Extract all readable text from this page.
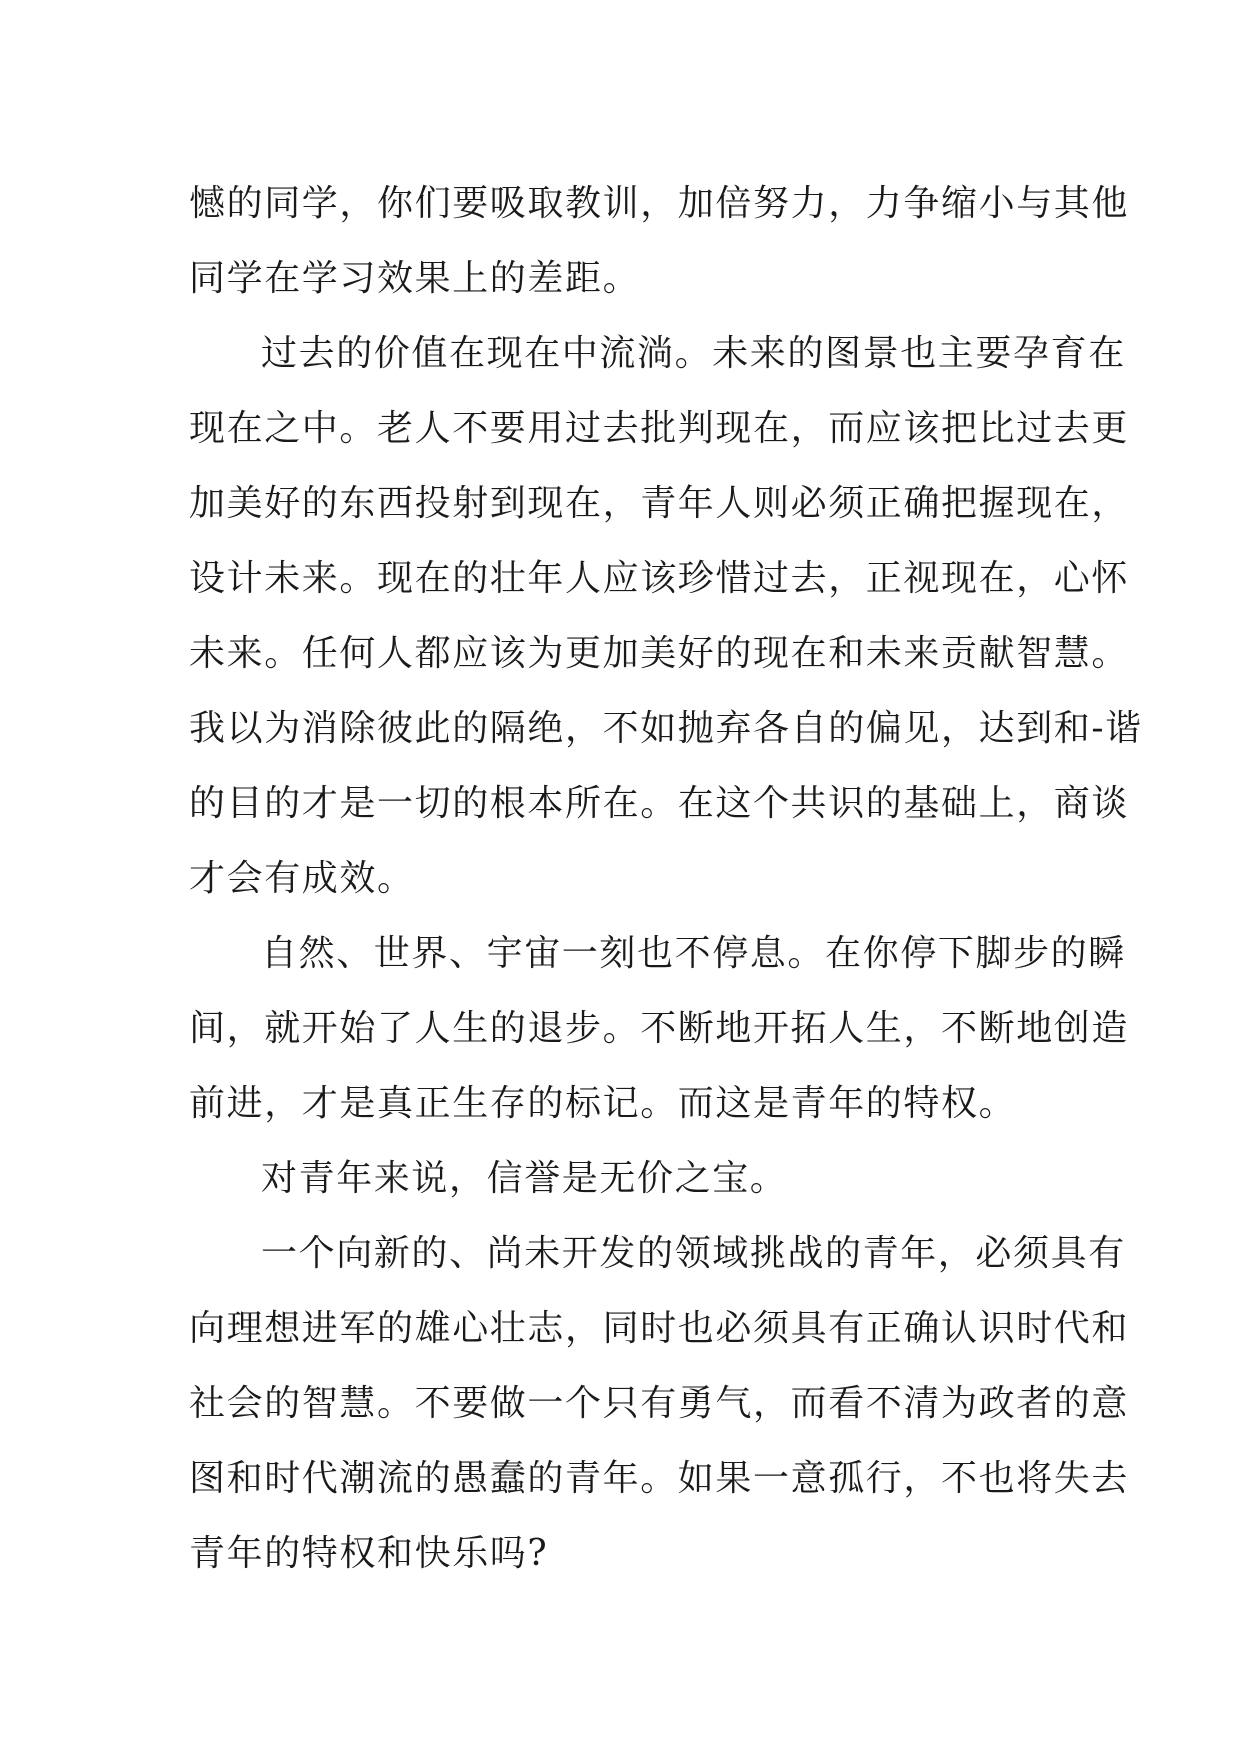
憾的同学，你们要吸取教训，加倍努力，力争缩小与其他
同学在学习效果上的差距。
过去的价值在现在中流淌。未来的图景也主要孕育在
现在之中。老人不要用过去批判现在，而应该把比过去更
加美好的东西投射到现在，青年人则必须正确把握现在，
设计未来。现在的壮年人应该珍惜过去，正视现在，心怀
未来。任何人都应该为更加美好的现在和未来贡献智慧。
我以为消除彼此的隔绝，不如抛弃各自的偏见，达到和-谐
的目的才是一切的根本所在。在这个共识的基础上，商谈
才会有成效。
自然、世界、宇宙一刻也不停息。在你停下脚步的瞬
间，就开始了人生的退步。不断地开拓人生，不断地创造
前进，才是真正生存的标记。而这是青年的特权。
对青年来说，信誉是无价之宝。
一个向新的、尚未开发的领域挑战的青年，必须具有
向理想进军的雄心壮志，同时也必须具有正确认识时代和
社会的智慧。不要做一个只有勇气，而看不清为政者的意
图和时代潮流的愚蠢的青年。如果一意孤行，不也将失去
青年的特权和快乐吗?
